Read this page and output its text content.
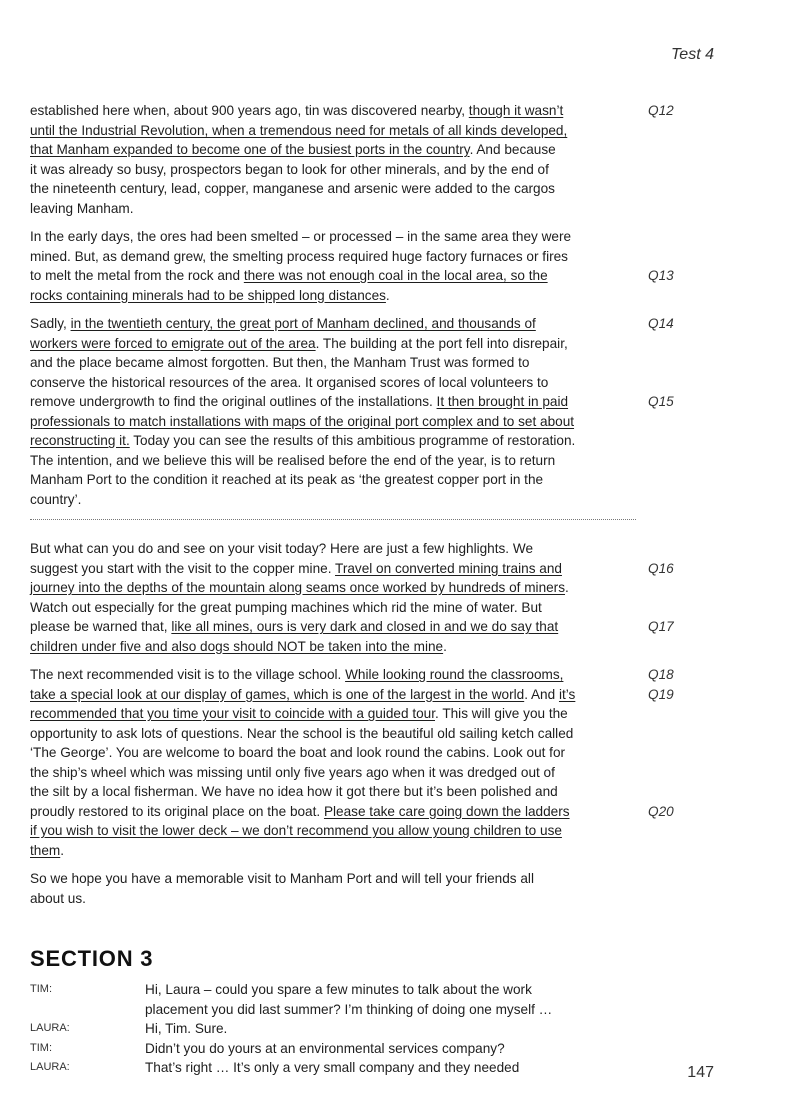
Test 4
established here when, about 900 years ago, tin was discovered nearby, though it wasn’t	Q12
until the Industrial Revolution, when a tremendous need for metals of all kinds developed,
that Manham expanded to become one of the busiest ports in the country. And because
it was already so busy, prospectors began to look for other minerals, and by the end of
the nineteenth century, lead, copper, manganese and arsenic were added to the cargos
leaving Manham.
In the early days, the ores had been smelted – or processed – in the same area they were
mined. But, as demand grew, the smelting process required huge factory furnaces or fires
to melt the metal from the rock and there was not enough coal in the local area, so the	Q13
rocks containing minerals had to be shipped long distances.
Sadly, in the twentieth century, the great port of Manham declined, and thousands of	Q14
workers were forced to emigrate out of the area. The building at the port fell into disrepair,
and the place became almost forgotten. But then, the Manham Trust was formed to
conserve the historical resources of the area. It organised scores of local volunteers to
remove undergrowth to find the original outlines of the installations. It then brought in paid	Q15
professionals to match installations with maps of the original port complex and to set about
reconstructing it. Today you can see the results of this ambitious programme of restoration.
The intention, and we believe this will be realised before the end of the year, is to return
Manham Port to the condition it reached at its peak as ‘the greatest copper port in the
country’.
But what can you do and see on your visit today? Here are just a few highlights. We
suggest you start with the visit to the copper mine. Travel on converted mining trains and	Q16
journey into the depths of the mountain along seams once worked by hundreds of miners.
Watch out especially for the great pumping machines which rid the mine of water. But
please be warned that, like all mines, ours is very dark and closed in and we do say that	Q17
children under five and also dogs should NOT be taken into the mine.
The next recommended visit is to the village school. While looking round the classrooms,	Q18
take a special look at our display of games, which is one of the largest in the world. And it’s	Q19
recommended that you time your visit to coincide with a guided tour. This will give you the
opportunity to ask lots of questions. Near the school is the beautiful old sailing ketch called
‘The George’. You are welcome to board the boat and look round the cabins. Look out for
the ship’s wheel which was missing until only five years ago when it was dredged out of
the silt by a local fisherman. We have no idea how it got there but it’s been polished and
proudly restored to its original place on the boat. Please take care going down the ladders	Q20
if you wish to visit the lower deck – we don’t recommend you allow young children to use
them.
So we hope you have a memorable visit to Manham Port and will tell your friends all
about us.
SECTION 3
TIM:	Hi, Laura – could you spare a few minutes to talk about the work
placement you did last summer? I’m thinking of doing one myself …
LAURA:	Hi, Tim. Sure.
TIM:	Didn’t you do yours at an environmental services company?
LAURA:	That’s right … It’s only a very small company and they needed	147
